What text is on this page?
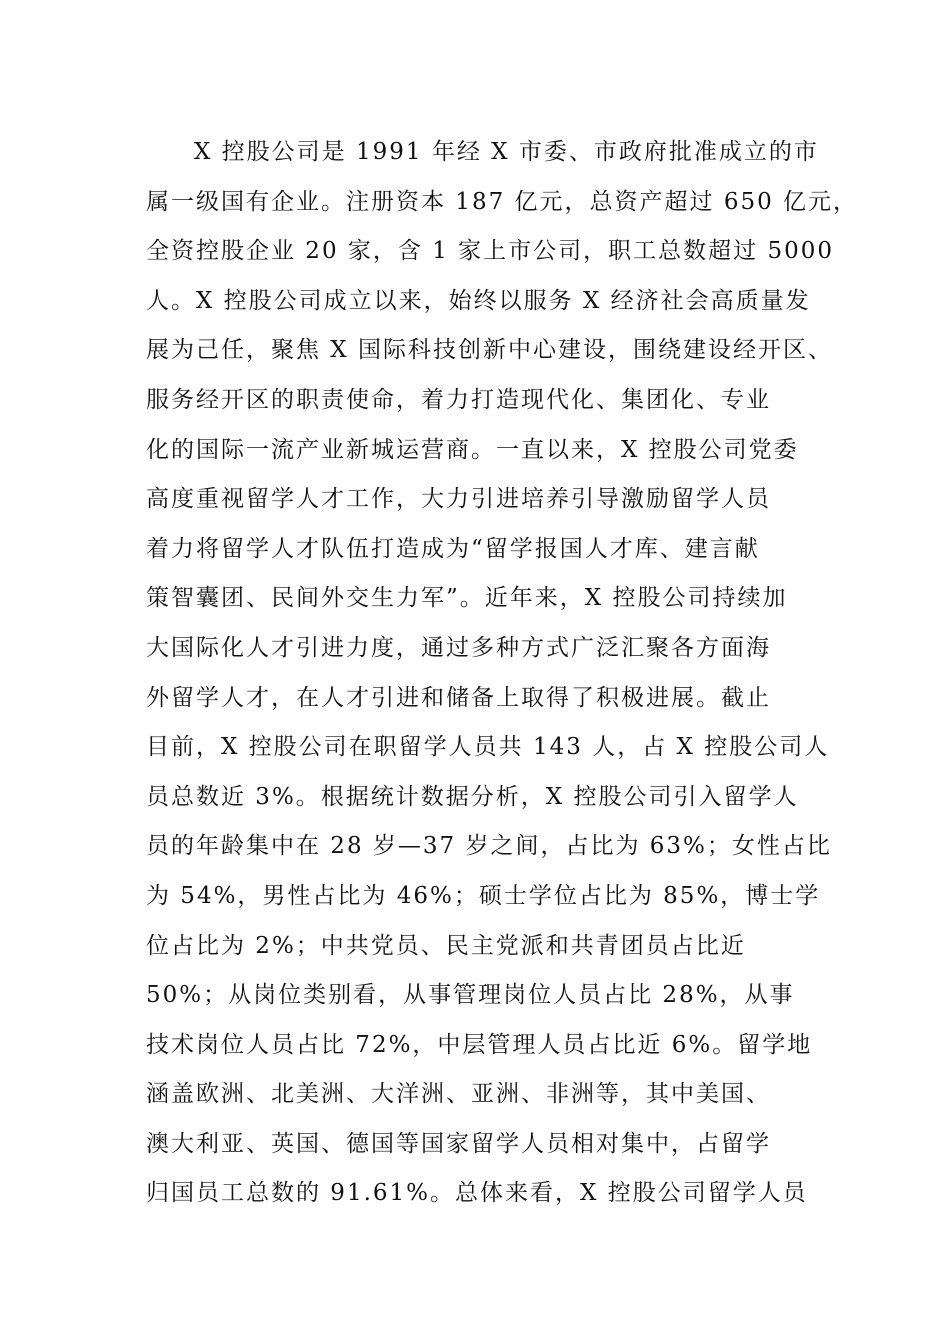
X 控股公司是 1991 年经 X 市委、市政府批准成立的市
属一级国有企业。注册资本 187 亿元，总资产超过 650 亿元，
全资控股企业 20 家，含 1 家上市公司，职工总数超过 5000
人。X 控股公司成立以来，始终以服务 X 经济社会高质量发
展为己任，聚焦 X 国际科技创新中心建设，围绕建设经开区、
服务经开区的职责使命，着力打造现代化、集团化、专业
化的国际一流产业新城运营商。一直以来，X 控股公司党委
高度重视留学人才工作，大力引进培养引导激励留学人员
着力将留学人才队伍打造成为“留学报国人才库、建言献
策智囊团、民间外交生力军”。近年来，X 控股公司持续加
大国际化人才引进力度，通过多种方式广泛汇聚各方面海
外留学人才，在人才引进和储备上取得了积极进展。截止
目前，X 控股公司在职留学人员共 143 人，占 X 控股公司人
员总数近 3%。根据统计数据分析，X 控股公司引入留学人
员的年龄集中在 28 岁—37 岁之间，占比为 63%；女性占比
为 54%，男性占比为 46%；硕士学位占比为 85%，博士学
位占比为 2%；中共党员、民主党派和共青团员占比近
50%；从岗位类别看，从事管理岗位人员占比 28%，从事
技术岗位人员占比 72%，中层管理人员占比近 6%。留学地
涵盖欧洲、北美洲、大洋洲、亚洲、非洲等，其中美国、
澳大利亚、英国、德国等国家留学人员相对集中，占留学
归国员工总数的 91.61%。总体来看，X 控股公司留学人员
